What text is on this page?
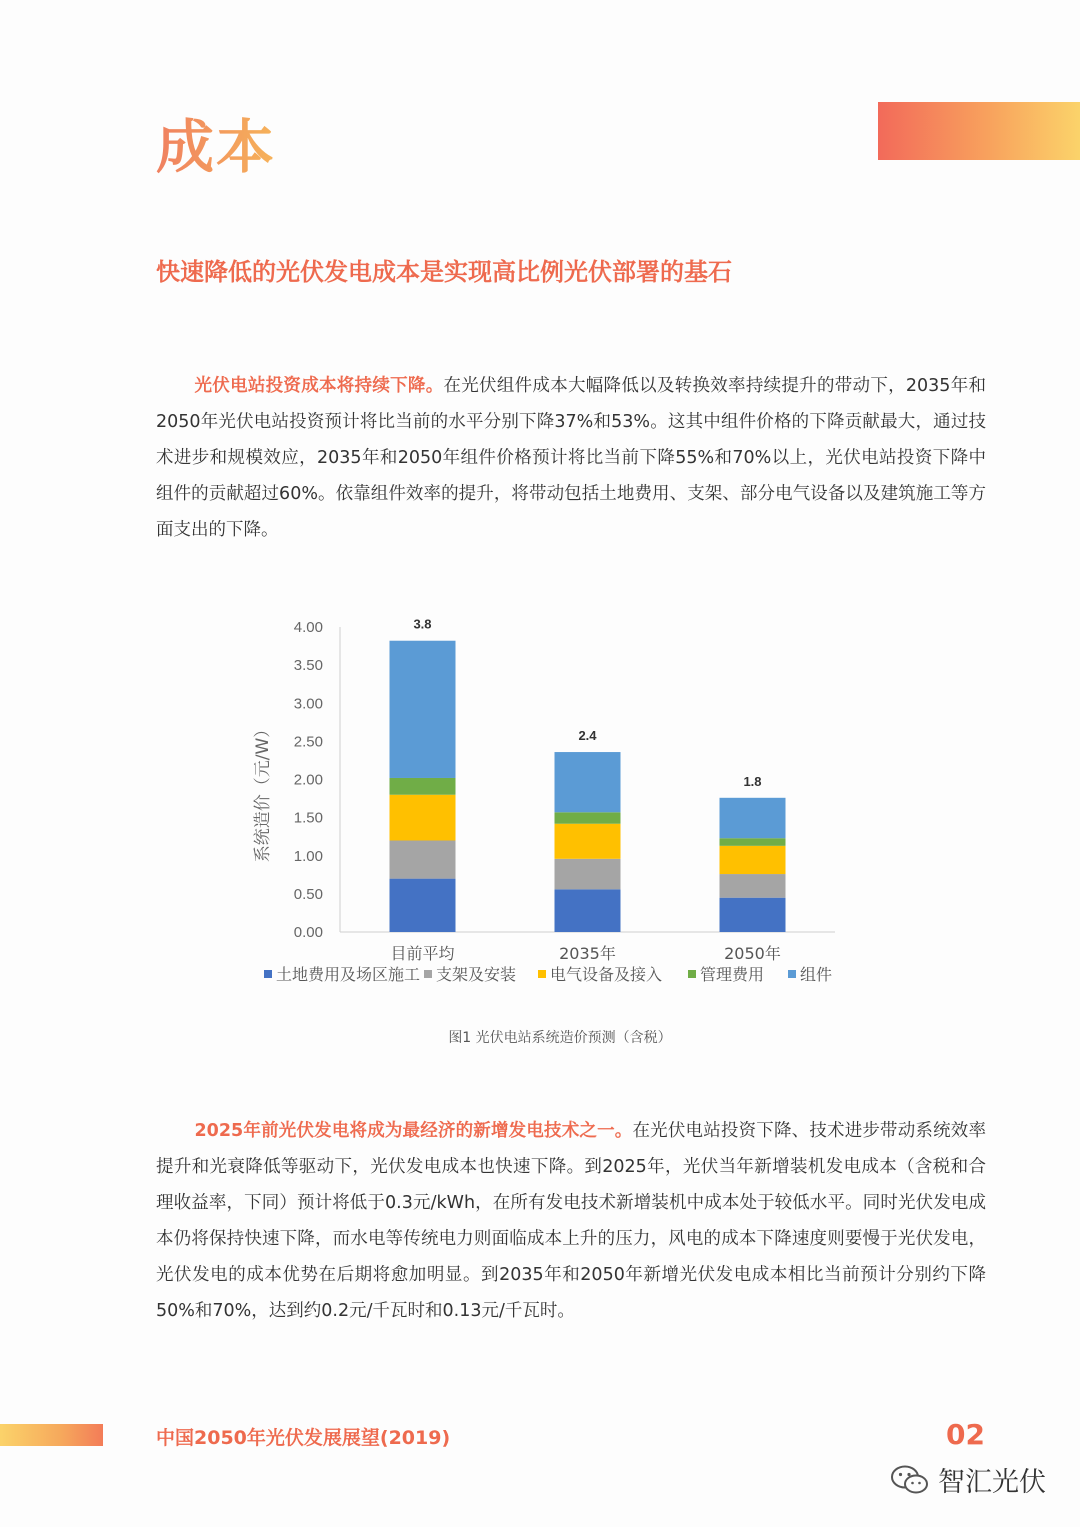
成本
快速降低的光伏发电成本是实现高比例光伏部署的基石
光伏电站投资成本将持续下降。在光伏组件成本大幅降低以及转换效率持续提升的带动下，2035年和2050年光伏电站投资预计将比当前的水平分别下降37%和53%。这其中组件价格的下降贡献最大，通过技术进步和规模效应，2035年和2050年组件价格预计将比当前下降55%和70%以上，光伏电站投资下降中组件的贡献超过60%。依靠组件效率的提升，将带动包括土地费用、支架、部分电气设备以及建筑施工等方面支出的下降。
0.00
0.50
1.00
1.50
2.00
2.50
3.00
3.50
4.00
系统造价（元/W）
3.8
目前平均
2.4
2035年
1.8
2050年
土地费用及场区施工 支架及安装 电气设备及接入 管理费用 组件
图1 光伏电站系统造价预测（含税）
2025年前光伏发电将成为最经济的新增发电技术之一。在光伏电站投资下降、技术进步带动系统效率提升和光衰降低等驱动下，光伏发电成本也快速下降。到2025年，光伏当年新增装机发电成本（含税和合理收益率，下同）预计将低于0.3元/kWh，在所有发电技术新增装机中成本处于较低水平。同时光伏发电成本仍将保持快速下降，而水电等传统电力则面临成本上升的压力，风电的成本下降速度则要慢于光伏发电，光伏发电的成本优势在后期将愈加明显。到2035年和2050年新增光伏发电成本相比当前预计分别约下降50%和70%，达到约0.2元/千瓦时和0.13元/千瓦时。
中国2050年光伏发展展望(2019)	02
智汇光伏
